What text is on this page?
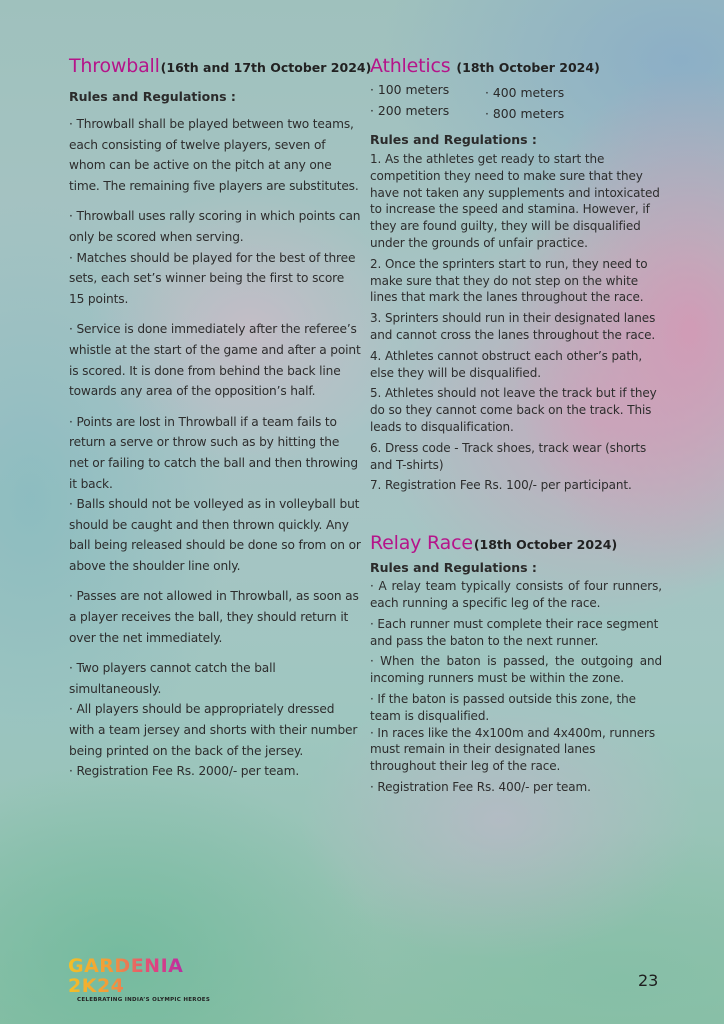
Throwball (16th and 17th October 2024)
Rules and Regulations :

· Throwball shall be played between two teams, each consisting of twelve players, seven of whom can be active on the pitch at any one time. The remaining five players are substitutes.

· Throwball uses rally scoring in which points can only be scored when serving.

· Matches should be played for the best of three sets, each set’s winner being the first to score 15 points.

· Service is done immediately after the referee’s whistle at the start of the game and after a point is scored. It is done from behind the back line towards any area of the opposition’s half.

· Points are lost in Throwball if a team fails to return a serve or throw such as by hitting the net or failing to catch the ball and then throwing it back.

· Balls should not be volleyed as in volleyball but should be caught and then thrown quickly. Any ball being released should be done so from on or above the shoulder line only.

· Passes are not allowed in Throwball, as soon as a player receives the ball, they should return it over the net immediately.

· Two players cannot catch the ball simultaneously.

· All players should be appropriately dressed with a team jersey and shorts with their number being printed on the back of the jersey.

· Registration Fee Rs. 2000/- per team.

Athletics (18th October 2024)
· 100 meters	· 400 meters
· 200 meters	· 800 meters
Rules and Regulations :

1. As the athletes get ready to start the competition they need to make sure that they have not taken any supplements and intoxicated to increase the speed and stamina. However, if they are found guilty, they will be disqualified under the grounds of unfair practice.

2. Once the sprinters start to run, they need to make sure that they do not step on the white lines that mark the lanes throughout the race.

3. Sprinters should run in their designated lanes and cannot cross the lanes throughout the race.

4. Athletes cannot obstruct each other’s path, else they will be disqualified.

5. Athletes should not leave the track but if they do so they cannot come back on the track. This leads to disqualification.

6. Dress code - Track shoes, track wear (shorts and T-shirts)

7. Registration Fee Rs. 100/- per participant.

Relay Race (18th October 2024)
Rules and Regulations :

· A relay team typically consists of four runners, each running a specific leg of the race.

· Each runner must complete their race segment and pass the baton to the next runner.

· When the baton is passed, the outgoing and incoming runners must be within the zone.

· If the baton is passed outside this zone, the team is disqualified.

· In races like the 4x100m and 4x400m, runners must remain in their designated lanes throughout their leg of the race.

· Registration Fee Rs. 400/- per team.

GARDENIA 2K24
CELEBRATING INDIA’S OLYMPIC HEROES
23
